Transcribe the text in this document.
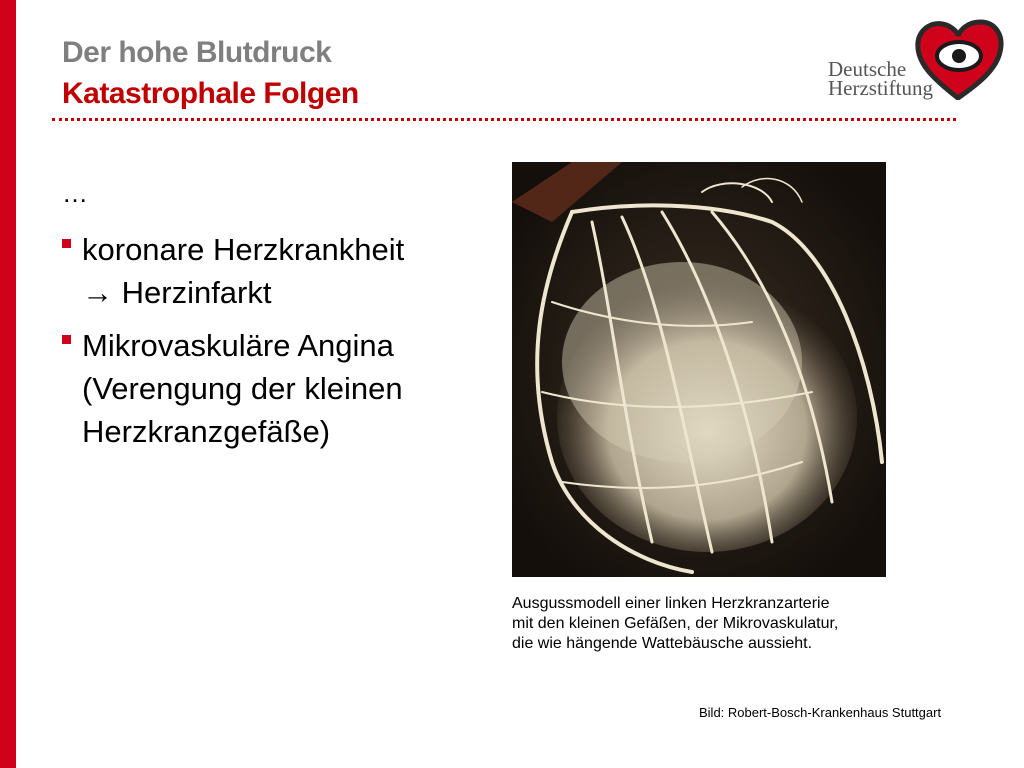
Der hohe Blutdruck
Katastrophale Folgen
Deutsche
Herzstiftung
…
koronare Herzkrankheit
→ Herzinfarkt
Mikrovaskuläre Angina
(Verengung der kleinen
Herzkranzgefäße)
Ausgussmodell einer linken Herzkranzarterie
mit den kleinen Gefäßen, der Mikrovaskulatur,
die wie hängende Wattebäusche aussieht.
Bild: Robert-Bosch-Krankenhaus Stuttgart
